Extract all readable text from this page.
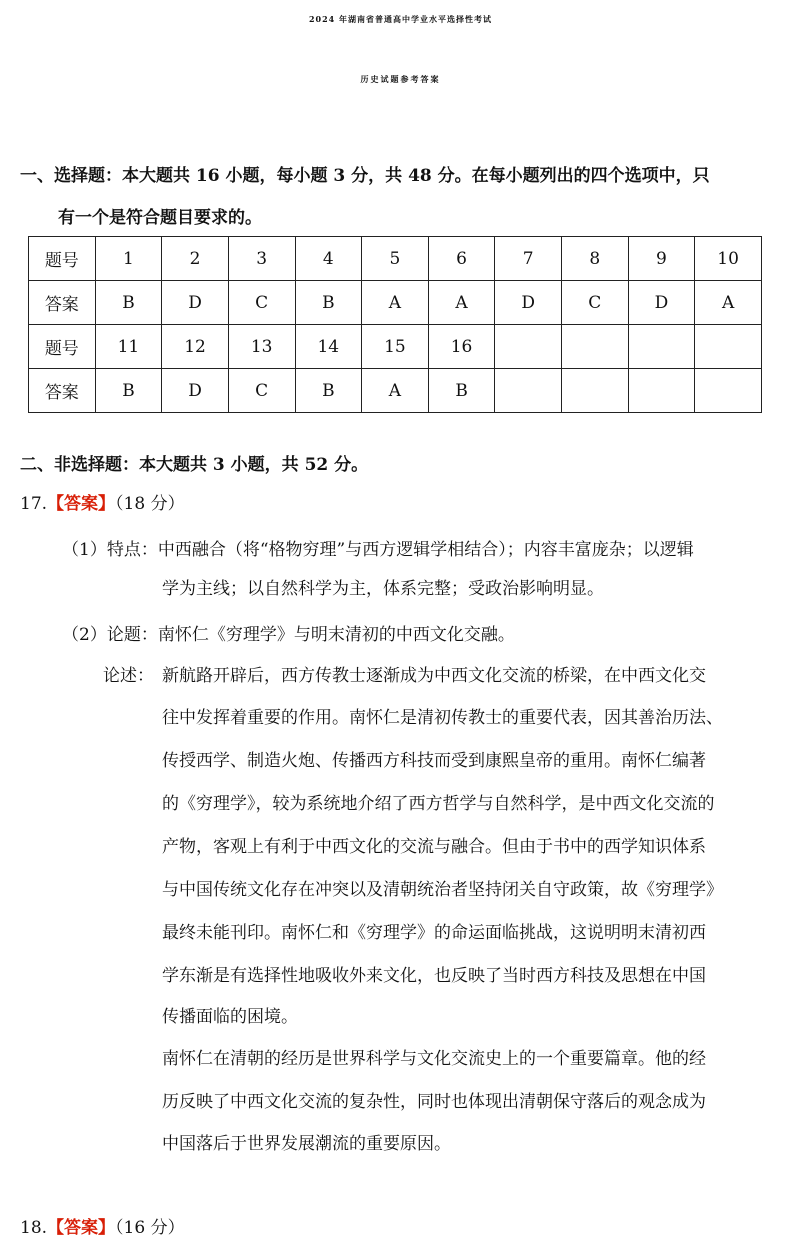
2024 年湖南省普通高中学业水平选择性考试
历史试题参考答案
一、选择题：本大题共 16 小题，每小题 3 分，共 48 分。在每小题列出的四个选项中，只
有一个是符合题目要求的。
题号	1	2	3	4	5	6	7	8	9	10
答案	B	D	C	B	A	A	D	C	D	A
题号	11	12	13	14	15	16				
答案	B	D	C	B	A	B				
二、非选择题：本大题共 3 小题，共 52 分。
17.【答案】（18 分）
（1）特点：中西融合（将“格物穷理”与西方逻辑学相结合）；内容丰富庞杂；以逻辑
学为主线；以自然科学为主，体系完整；受政治影响明显。
（2）论题：南怀仁《穷理学》与明末清初的中西文化交融。
论述： 新航路开辟后，西方传教士逐渐成为中西文化交流的桥梁，在中西文化交
往中发挥着重要的作用。南怀仁是清初传教士的重要代表，因其善治历法、
传授西学、制造火炮、传播西方科技而受到康熙皇帝的重用。南怀仁编著
的《穷理学》，较为系统地介绍了西方哲学与自然科学，是中西文化交流的
产物，客观上有利于中西文化的交流与融合。但由于书中的西学知识体系
与中国传统文化存在冲突以及清朝统治者坚持闭关自守政策，故《穷理学》
最终未能刊印。南怀仁和《穷理学》的命运面临挑战，这说明明末清初西
学东渐是有选择性地吸收外来文化，也反映了当时西方科技及思想在中国
传播面临的困境。
南怀仁在清朝的经历是世界科学与文化交流史上的一个重要篇章。他的经
历反映了中西文化交流的复杂性，同时也体现出清朝保守落后的观念成为
中国落后于世界发展潮流的重要原因。
18.【答案】（16 分）
